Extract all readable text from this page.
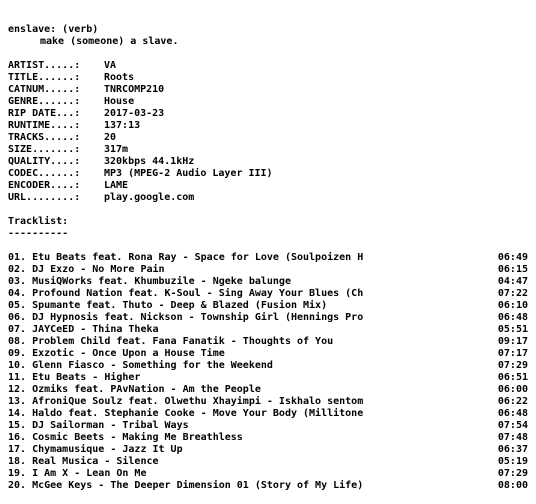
enslave: (verb)
make (someone) a slave.
ARTIST.....:	VA
TITLE......:	Roots
CATNUM.....:	TNRCOMP210
GENRE......:	House
RIP DATE...:	2017-03-23
RUNTIME....:	137:13
TRACKS.....:	20
SIZE.......:	317m
QUALITY....:	320kbps 44.1kHz
CODEC......:	MP3 (MPEG-2 Audio Layer III)
ENCODER....:	LAME
URL........:	play.google.com
Tracklist:
----------
01. Etu Beats feat. Rona Ray - Space for Love (Soulpoizen H	06:49
02. DJ Exzo - No More Pain	06:15
03. MusiQWorks feat. Khumbuzile - Ngeke balunge	04:47
04. Profound Nation feat. K-Soul - Sing Away Your Blues (Ch	07:22
05. Spumante feat. Thuto - Deep & Blazed (Fusion Mix)	06:10
06. DJ Hypnosis feat. Nickson - Township Girl (Hennings Pro	06:48
07. JAYCeED - Thina Theka	05:51
08. Problem Child feat. Fana Fanatik - Thoughts of You	09:17
09. Exzotic - Once Upon a House Time	07:17
10. Glenn Fiasco - Something for the Weekend	07:29
11. Etu Beats - Higher	06:51
12. Ozmiks feat. PAvNation - Am the People	06:00
13. AfroniQue Soulz feat. Olwethu Xhayimpi - Iskhalo sentom	06:22
14. Haldo feat. Stephanie Cooke - Move Your Body (Millitone	06:48
15. DJ Sailorman - Tribal Ways	07:54
16. Cosmic Beets - Making Me Breathless	07:48
17. Chymamusique - Jazz It Up	06:37
18. Real Musica - Silence	05:19
19. I Am X - Lean On Me	07:29
20. McGee Keys - The Deeper Dimension 01 (Story of My Life)	08:00
